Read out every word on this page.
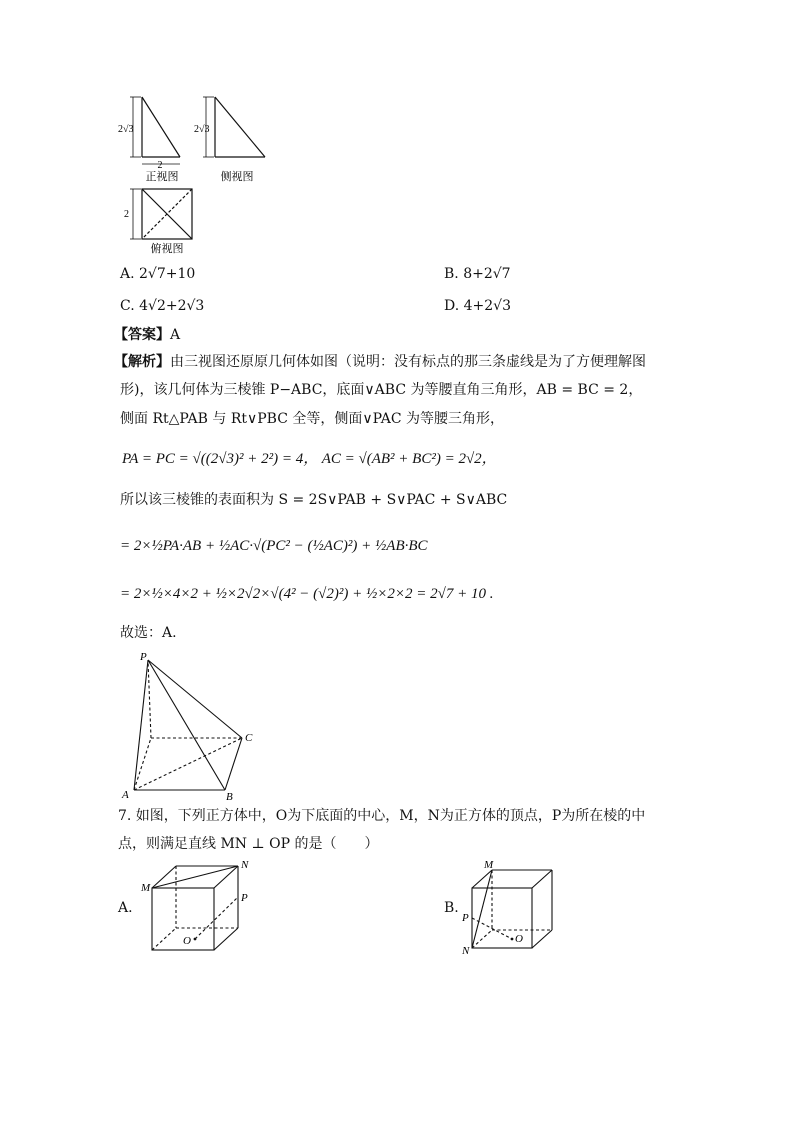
2√3
2
正视图
2√3
侧视图
2
俯视图
A. 2√7+10	B. 8+2√7
C. 4√2+2√3	D. 4+2√3
【答案】A
【解析】由三视图还原原几何体如图（说明：没有标点的那三条虚线是为了方便理解图
形)，该几何体为三棱锥 P−ABC，底面∨ABC 为等腰直角三角形，AB = BC = 2，
侧面 Rt△PAB 与 Rt∨PBC 全等，侧面∨PAC 为等腰三角形，
PA = PC = √((2√3)² + 2²) = 4， AC = √(AB² + BC²) = 2√2，
所以该三棱锥的表面积为 S = 2S∨PAB + S∨PAC + S∨ABC
= 2×½PA·AB + ½AC·√(PC² − (½AC)²) + ½AB·BC
= 2×½×4×2 + ½×2√2×√(4² − (√2)²) + ½×2×2 = 2√7 + 10 .
故选：A.
P
A	B
C
7. 如图，下列正方体中，O为下底面的中心，M，N为正方体的顶点，P为所在棱的中
点，则满足直线 MN ⊥ OP 的是（　　）
A.
M
N
P
O
B.
M
N
P
O
